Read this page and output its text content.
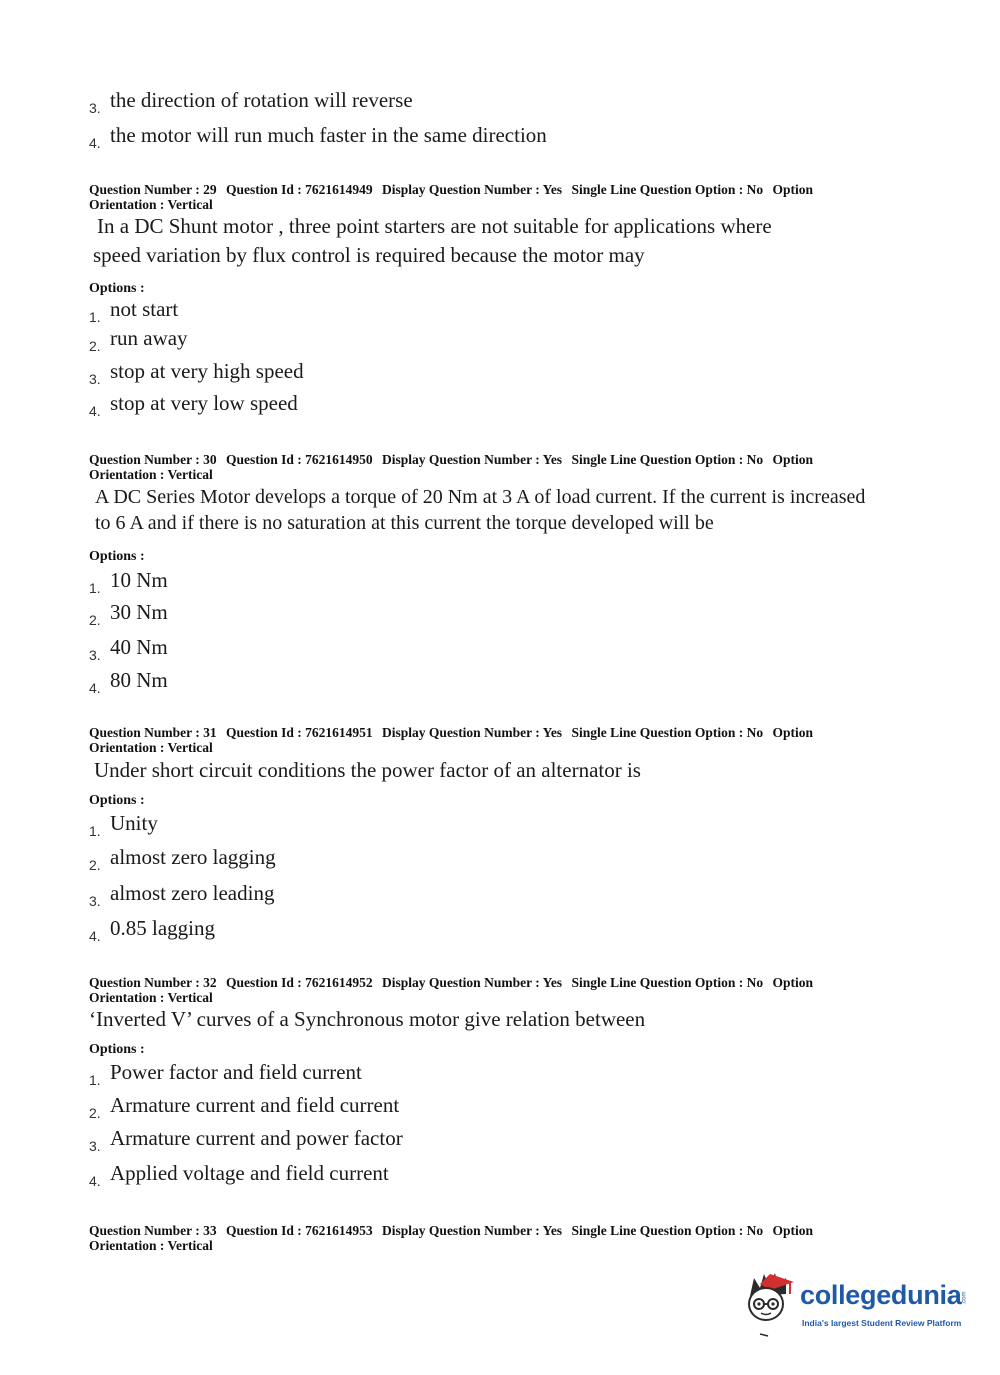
3. the direction of rotation will reverse
4. the motor will run much faster in the same direction
Question Number : 29 Question Id : 7621614949 Display Question Number : Yes Single Line Question Option : No Option
Orientation : Vertical
In a DC Shunt motor , three point starters are not suitable for applications where
speed variation by flux control is required because the motor may
Options :
1. not start
2. run away
3. stop at very high speed
4. stop at very low speed
Question Number : 30 Question Id : 7621614950 Display Question Number : Yes Single Line Question Option : No Option
Orientation : Vertical
A DC Series Motor develops a torque of 20 Nm at 3 A of load current. If the current is increased
to 6 A and if there is no saturation at this current the torque developed will be
Options :
1. 10 Nm
2. 30 Nm
3. 40 Nm
4. 80 Nm
Question Number : 31 Question Id : 7621614951 Display Question Number : Yes Single Line Question Option : No Option
Orientation : Vertical
Under short circuit conditions the power factor of an alternator is
Options :
1. Unity
2. almost zero lagging
3. almost zero leading
4. 0.85 lagging
Question Number : 32 Question Id : 7621614952 Display Question Number : Yes Single Line Question Option : No Option
Orientation : Vertical
‘Inverted V’ curves of a Synchronous motor give relation between
Options :
1. Power factor and field current
2. Armature current and field current
3. Armature current and power factor
4. Applied voltage and field current
Question Number : 33 Question Id : 7621614953 Display Question Number : Yes Single Line Question Option : No Option
Orientation : Vertical
collegedunia .com
India's largest Student Review Platform
